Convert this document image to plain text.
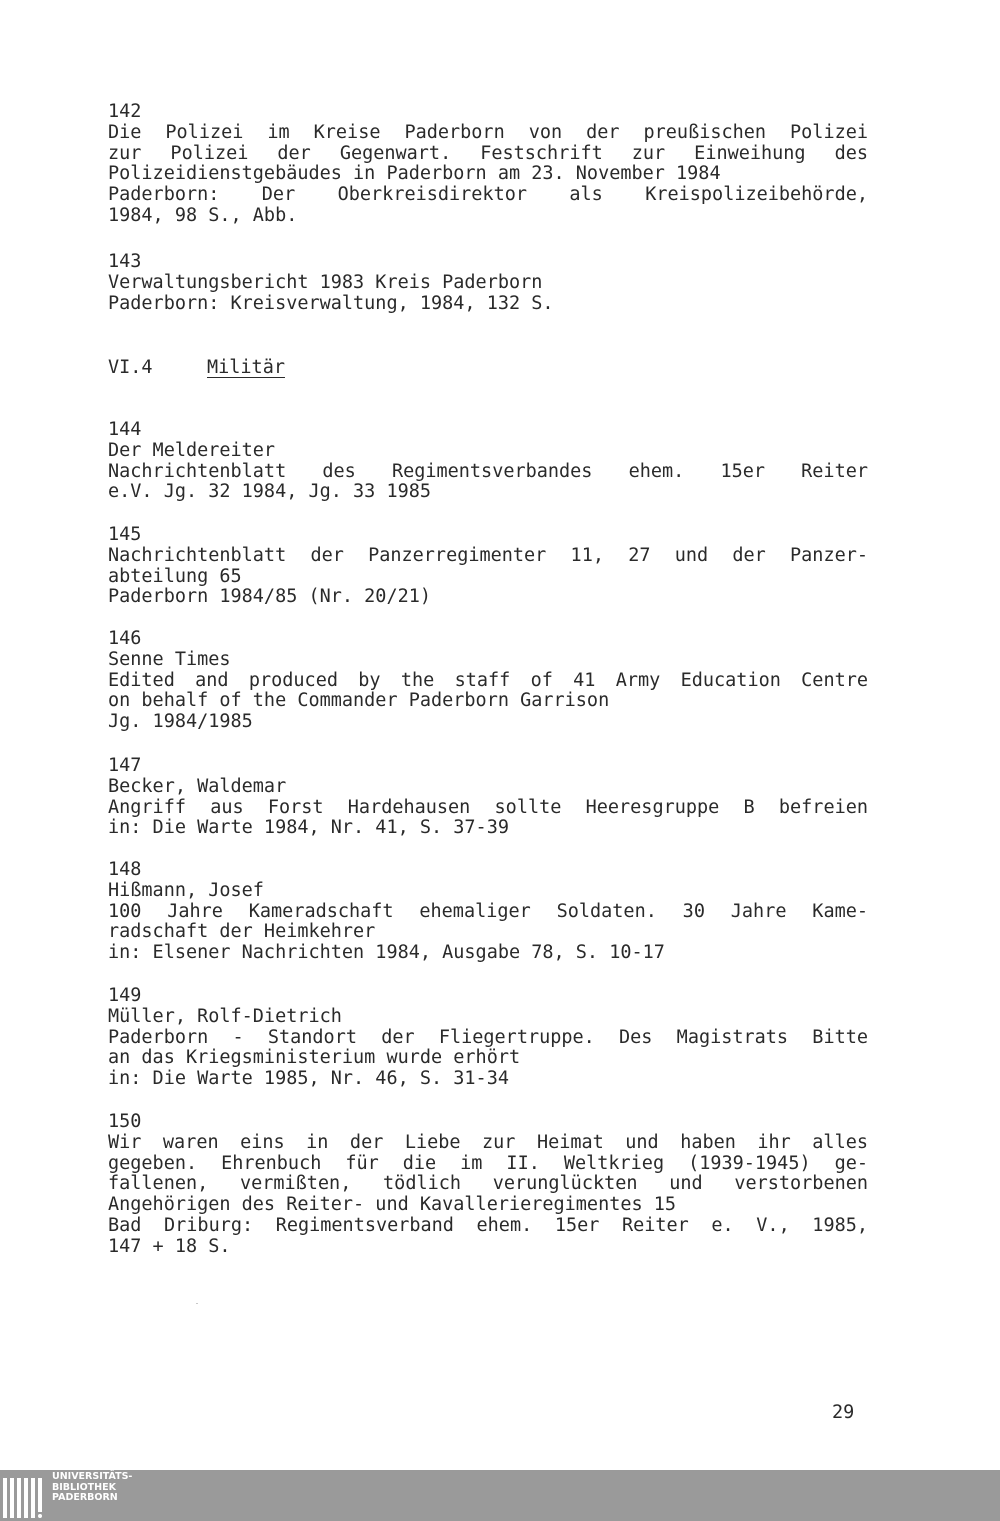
142
Die Polizei im Kreise Paderborn von der preußischen Polizei
zur Polizei der Gegenwart. Festschrift zur Einweihung des
Polizeidienstgebäudes in Paderborn am 23. November 1984
Paderborn: Der Oberkreisdirektor als Kreispolizeibehörde,
1984, 98 S., Abb.
143
Verwaltungsbericht 1983 Kreis Paderborn
Paderborn: Kreisverwaltung, 1984, 132 S.
VI.4	Militär
144
Der Meldereiter
Nachrichtenblatt des Regimentsverbandes ehem. 15er Reiter
e.V. Jg. 32 1984, Jg. 33 1985
145
Nachrichtenblatt der Panzerregimenter 11, 27 und der Panzer-
abteilung 65
Paderborn 1984/85 (Nr. 20/21)
146
Senne Times
Edited and produced by the staff of 41 Army Education Centre
on behalf of the Commander Paderborn Garrison
Jg. 1984/1985
147
Becker, Waldemar
Angriff aus Forst Hardehausen sollte Heeresgruppe B befreien
in: Die Warte 1984, Nr. 41, S. 37-39
148
Hißmann, Josef
100 Jahre Kameradschaft ehemaliger Soldaten. 30 Jahre Kame-
radschaft der Heimkehrer
in: Elsener Nachrichten 1984, Ausgabe 78, S. 10-17
149
Müller, Rolf-Dietrich
Paderborn - Standort der Fliegertruppe. Des Magistrats Bitte
an das Kriegsministerium wurde erhört
in: Die Warte 1985, Nr. 46, S. 31-34
150
Wir waren eins in der Liebe zur Heimat und haben ihr alles
gegeben. Ehrenbuch für die im II. Weltkrieg (1939-1945) ge-
fallenen, vermißten, tödlich verunglückten und verstorbenen
Angehörigen des Reiter- und Kavallerieregimentes 15
Bad Driburg: Regimentsverband ehem. 15er Reiter e. V., 1985,
147 + 18 S.
29
UNIVERSITÄTS-
BIBLIOTHEK
PADERBORN
